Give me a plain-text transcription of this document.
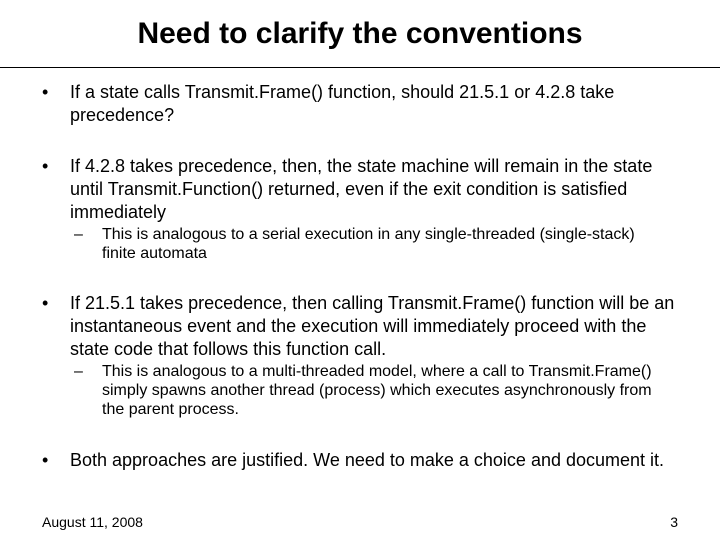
Need to clarify the conventions
• If a state calls Transmit.Frame() function, should 21.5.1 or 4.2.8 take precedence?
• If 4.2.8 takes precedence, then, the state machine will remain in the state until Transmit.Function() returned, even if the exit condition is satisfied immediately
– This is analogous to a serial execution in any single-threaded (single-stack) finite automata
• If 21.5.1 takes precedence, then calling Transmit.Frame() function will be an instantaneous event and the execution will immediately proceed with the state code that follows this function call.
– This is analogous to a multi-threaded model, where a call to Transmit.Frame() simply spawns another thread (process) which executes asynchronously from the parent process.
• Both approaches are justified. We need to make a choice and document it.
August 11, 2008	3
